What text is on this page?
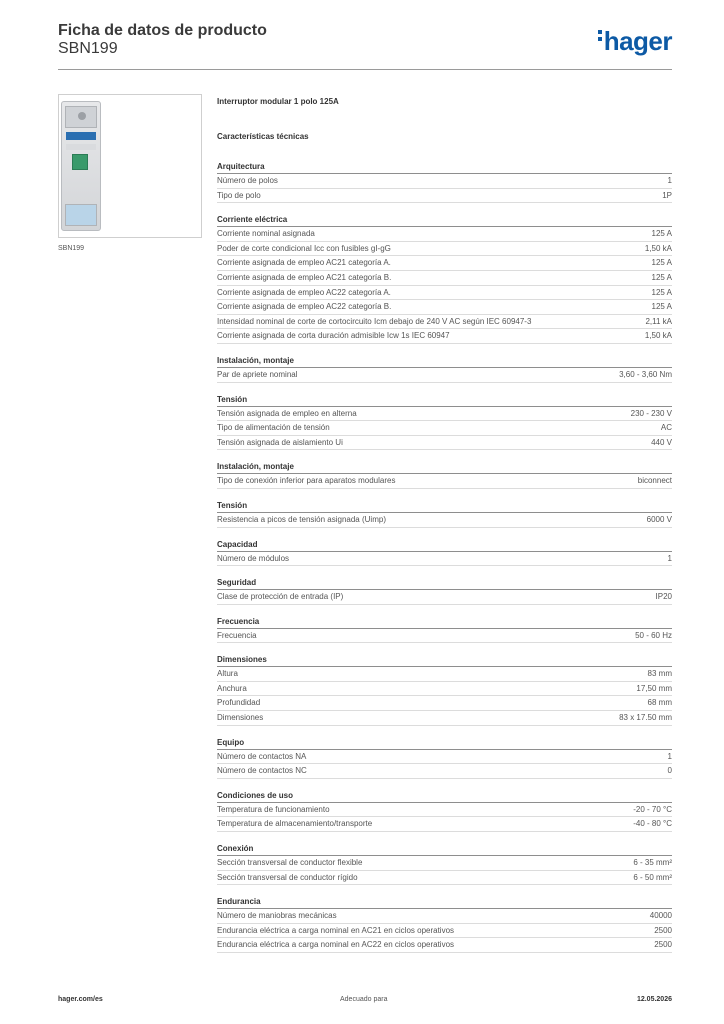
Ficha de datos de producto
SBN199	hager
SBN199
Interruptor modular 1 polo 125A
Características técnicas
Arquitectura
Número de polos	1
Tipo de polo	1P
Corriente eléctrica
Corriente nominal asignada	125 A
Poder de corte condicional Icc con fusibles gI-gG	1,50 kA
Corriente asignada de empleo AC21 categoría A.	125 A
Corriente asignada de empleo AC21 categoría B.	125 A
Corriente asignada de empleo AC22 categoría A.	125 A
Corriente asignada de empleo AC22 categoría B.	125 A
Intensidad nominal de corte de cortocircuito Icm debajo de 240 V AC según IEC 60947-3	2,11 kA
Corriente asignada de corta duración admisible Icw 1s IEC 60947	1,50 kA
Instalación, montaje
Par de apriete nominal	3,60 - 3,60 Nm
Tensión
Tensión asignada de empleo en alterna	230 - 230 V
Tipo de alimentación de tensión	AC
Tensión asignada de aislamiento Ui	440 V
Instalación, montaje
Tipo de conexión inferior para aparatos modulares	biconnect
Tensión
Resistencia a picos de tensión asignada (Uimp)	6000 V
Capacidad
Número de módulos	1
Seguridad
Clase de protección de entrada (IP)	IP20
Frecuencia
Frecuencia	50 - 60 Hz
Dimensiones
Altura	83 mm
Anchura	17,50 mm
Profundidad	68 mm
Dimensiones	83 x 17.50 mm
Equipo
Número de contactos NA	1
Número de contactos NC	0
Condiciones de uso
Temperatura de funcionamiento	-20 - 70 °C
Temperatura de almacenamiento/transporte	-40 - 80 °C
Conexión
Sección transversal de conductor flexible	6 - 35 mm²
Sección transversal de conductor rígido	6 - 50 mm²
Endurancia
Número de maniobras mecánicas	40000
Endurancia eléctrica a carga nominal en AC21 en ciclos operativos	2500
Endurancia eléctrica a carga nominal en AC22 en ciclos operativos	2500
hager.com/es	Adecuado para	12.05.2026
